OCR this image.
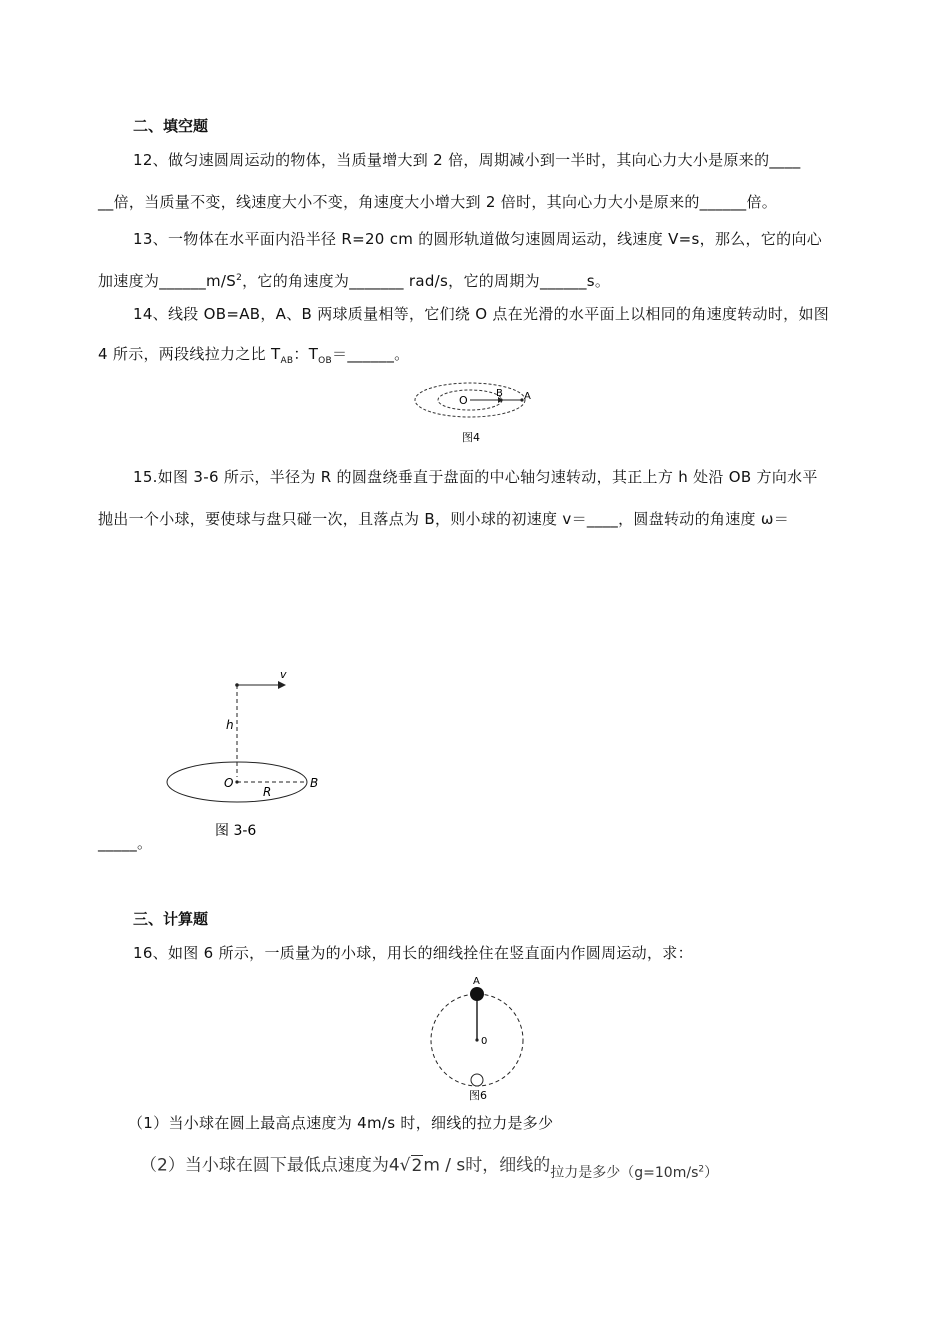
二、填空题
12、做匀速圆周运动的物体，当质量增大到 2 倍，周期减小到一半时，其向心力大小是原来的____
__倍，当质量不变，线速度大小不变，角速度大小增大到 2 倍时，其向心力大小是原来的______倍。
13、一物体在水平面内沿半径 R=20 cm 的圆形轨道做匀速圆周运动，线速度 V=s，那么，它的向心
加速度为$\_\_\_\_\_\_m/S^2$，它的角速度为_______ rad/s，它的周期为______s。
14、线段 OB=AB，A、B 两球质量相等，它们绕 O 点在光滑的水平面上以相同的角速度转动时，如图
4 所示，两段线拉力之比 $T_{AB}$：$T_{OB}=\_\_\_\_\_\_$。
O
B A
图4
15.如图 3-6 所示，半径为 R 的圆盘绕垂直于盘面的中心轴匀速转动，其正上方 h 处沿 OB 方向水平
抛出一个小球，要使球与盘只碰一次，且落点为 B，则小球的初速度 v＝____，圆盘转动的角速度 ω＝
v
h
O
R
B
图 3-6
_____。
三、计算题
16、如图 6 所示，一质量为的小球，用长的细线拴住在竖直面内作圆周运动，求：
A
0
图6
（1）当小球在圆上最高点速度为 4m/s 时，细线的拉力是多少
（2）当小球在圆下最低点速度为4√2m / s时，细线的$_{拉力是多少(g=10m/s^2)}$
